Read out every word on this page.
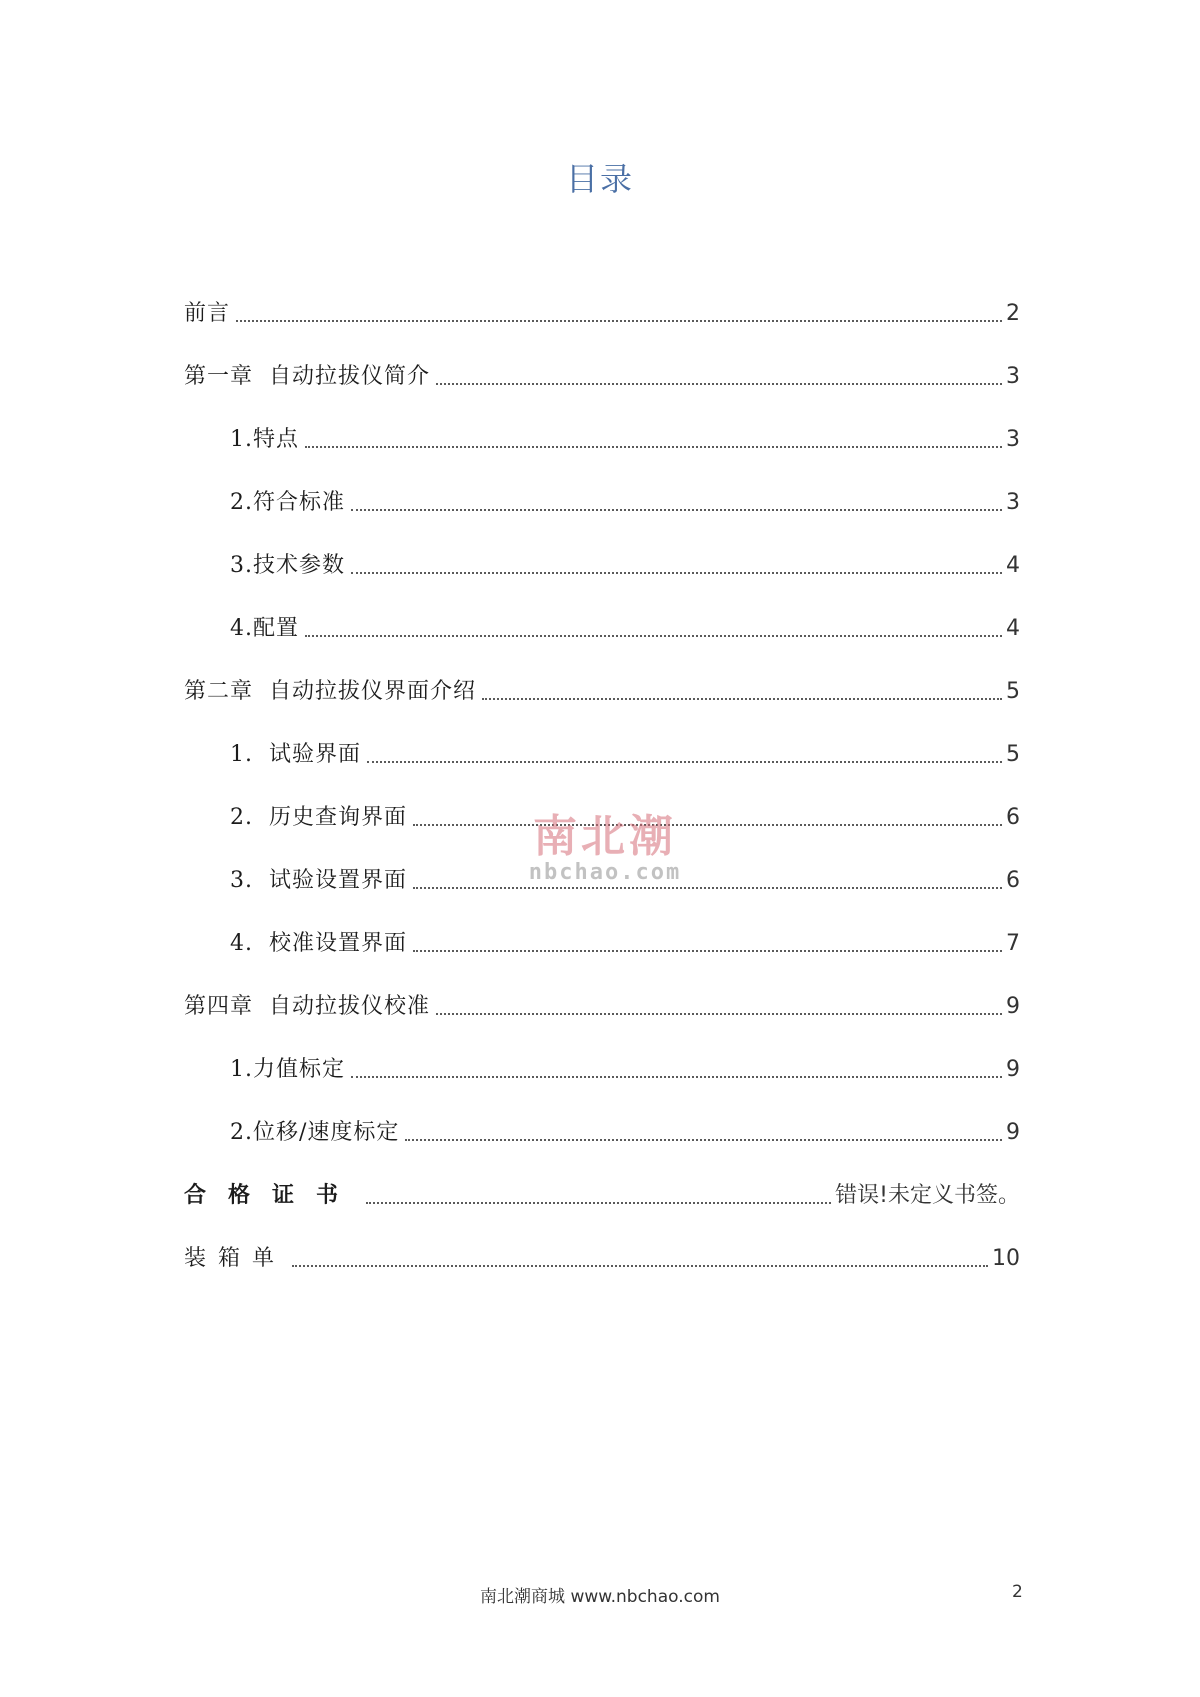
目录
前言	2
第一章  自动拉拔仪简介	3
1.特点	3
2.符合标准	3
3.技术参数	4
4.配置	4
第二章  自动拉拔仪界面介绍	5
1.  试验界面	5
2.  历史查询界面	6
3.  试验设置界面	6
4.  校准设置界面	7
第四章  自动拉拔仪校准	9
1.力值标定	9
2.位移/速度标定	9
合格证书	错误!未定义书签。
装箱单	10
南北潮
nbchao.com
南北潮商城 www.nbchao.com	2
